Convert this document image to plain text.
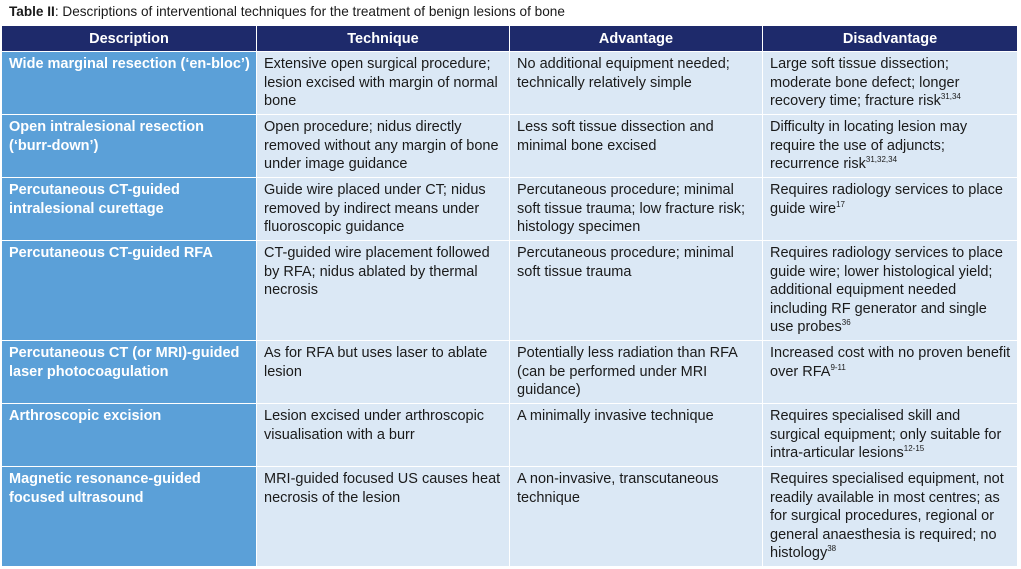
Table II: Descriptions of interventional techniques for the treatment of benign lesions of bone
Description	Technique	Advantage	Disadvantage
Wide marginal resection (‘en-bloc’)	Extensive open surgical procedure; lesion excised with margin of normal bone	No additional equipment needed; technically relatively simple	Large soft tissue dissection; moderate bone defect; longer recovery time; fracture risk$^{31,34}$
Open intralesional resection (‘burr-down’)	Open procedure; nidus directly removed without any margin of bone under image guidance	Less soft tissue dissection and minimal bone excised	Difficulty in locating lesion may require the use of adjuncts; recurrence risk$^{31,32,34}$
Percutaneous CT-guided intralesional curettage	Guide wire placed under CT; nidus removed by indirect means under fluoroscopic guidance	Percutaneous procedure; minimal soft tissue trauma; low fracture risk; histology specimen	Requires radiology services to place guide wire$^{17}$
Percutaneous CT-guided RFA	CT-guided wire placement followed by RFA; nidus ablated by thermal necrosis	Percutaneous procedure; minimal soft tissue trauma	Requires radiology services to place guide wire; lower histological yield; additional equipment needed including RF generator and single use probes$^{36}$
Percutaneous CT (or MRI)-guided laser photocoagulation	As for RFA but uses laser to ablate lesion	Potentially less radiation than RFA (can be performed under MRI guidance)	Increased cost with no proven benefit over RFA$^{9-11}$
Arthroscopic excision	Lesion excised under arthroscopic visualisation with a burr	A minimally invasive technique	Requires specialised skill and surgical equipment; only suitable for intra-articular lesions$^{12-15}$
Magnetic resonance-guided focused ultrasound	MRI-guided focused US causes heat necrosis of the lesion	A non-invasive, transcutaneous technique	Requires specialised equipment, not readily available in most centres; as for surgical procedures, regional or general anaesthesia is required; no histology$^{38}$
